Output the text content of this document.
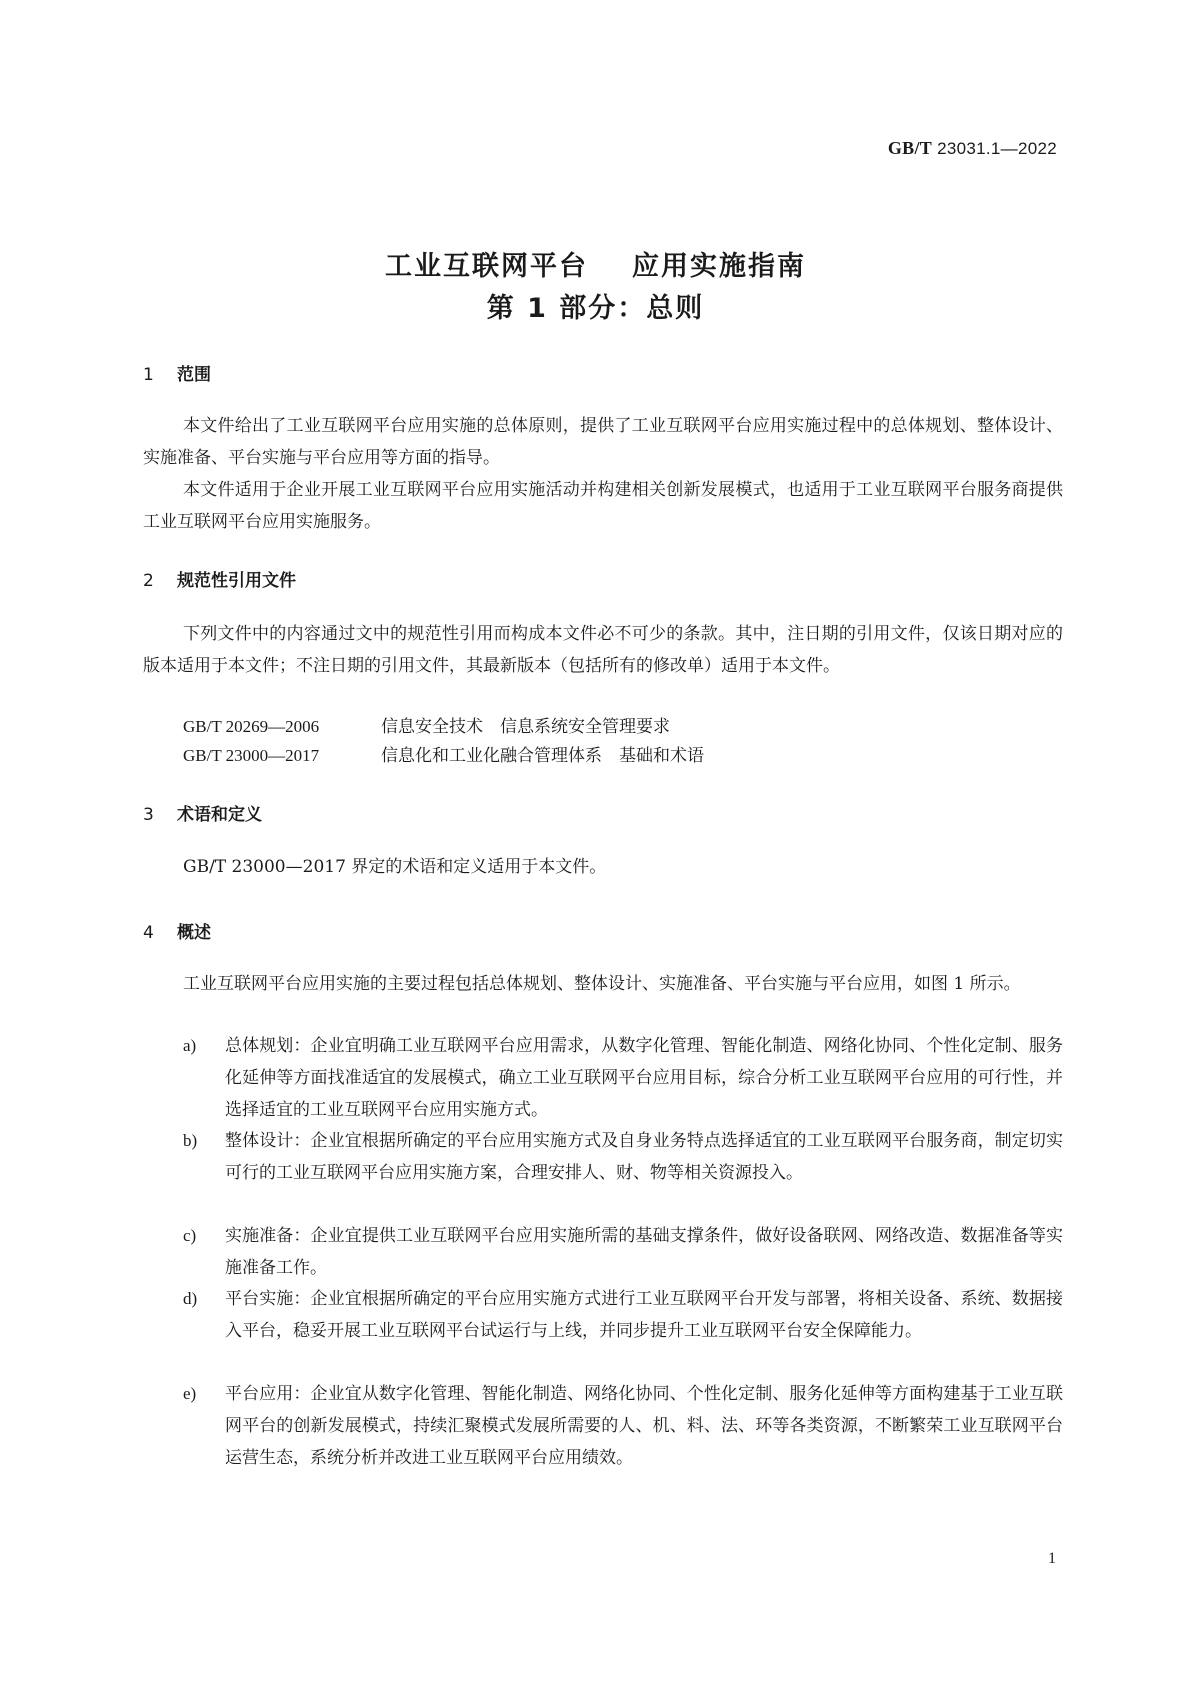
GB/T 23031.1—2022
工业互联网平台 应用实施指南
第 1 部分：总则
1 范围
本文件给出了工业互联网平台应用实施的总体原则，提供了工业互联网平台应用实施过程中的总体规划、整体设计、实施准备、平台实施与平台应用等方面的指导。
本文件适用于企业开展工业互联网平台应用实施活动并构建相关创新发展模式，也适用于工业互联网平台服务商提供工业互联网平台应用实施服务。
2 规范性引用文件
下列文件中的内容通过文中的规范性引用而构成本文件必不可少的条款。其中，注日期的引用文件，仅该日期对应的版本适用于本文件；不注日期的引用文件，其最新版本（包括所有的修改单）适用于本文件。
GB/T 20269—2006	信息安全技术　信息系统安全管理要求
GB/T 23000—2017	信息化和工业化融合管理体系　基础和术语
3 术语和定义
GB/T 23000—2017 界定的术语和定义适用于本文件。
4 概述
工业互联网平台应用实施的主要过程包括总体规划、整体设计、实施准备、平台实施与平台应用，如图 1 所示。
a) 总体规划：企业宜明确工业互联网平台应用需求，从数字化管理、智能化制造、网络化协同、个性化定制、服务化延伸等方面找准适宜的发展模式，确立工业互联网平台应用目标，综合分析工业互联网平台应用的可行性，并选择适宜的工业互联网平台应用实施方式。
b) 整体设计：企业宜根据所确定的平台应用实施方式及自身业务特点选择适宜的工业互联网平台服务商，制定切实可行的工业互联网平台应用实施方案，合理安排人、财、物等相关资源投入。
c) 实施准备：企业宜提供工业互联网平台应用实施所需的基础支撑条件，做好设备联网、网络改造、数据准备等实施准备工作。
d) 平台实施：企业宜根据所确定的平台应用实施方式进行工业互联网平台开发与部署，将相关设备、系统、数据接入平台，稳妥开展工业互联网平台试运行与上线，并同步提升工业互联网平台安全保障能力。
e) 平台应用：企业宜从数字化管理、智能化制造、网络化协同、个性化定制、服务化延伸等方面构建基于工业互联网平台的创新发展模式，持续汇聚模式发展所需要的人、机、料、法、环等各类资源，不断繁荣工业互联网平台运营生态，系统分析并改进工业互联网平台应用绩效。
1
